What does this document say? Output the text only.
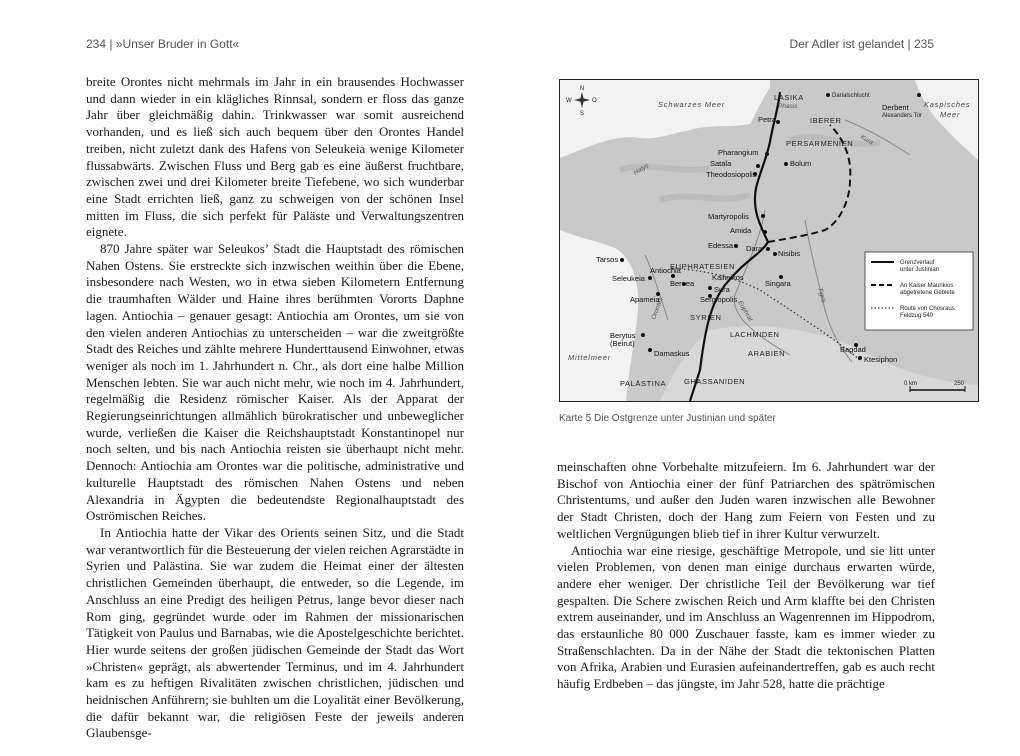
234 | »Unser Bruder in Gott«

breite Orontes nicht mehrmals im Jahr in ein brausendes Hochwasser und dann wieder in ein klägliches Rinnsal, sondern er floss das ganze Jahr über gleichmäßig dahin. Trinkwasser war somit ausreichend vorhanden, und es ließ sich auch bequem über den Orontes Handel treiben, nicht zuletzt dank des Hafens von Seleukeia wenige Kilometer flussabwärts. Zwischen Fluss und Berg gab es eine äußerst fruchtbare, zwischen zwei und drei Kilometer breite Tiefebene, wo sich wunderbar eine Stadt errichten ließ, ganz zu schweigen von der schönen Insel mitten im Fluss, die sich perfekt für Paläste und Verwaltungszentren eignete.

870 Jahre später war Seleukos’ Stadt die Hauptstadt des römischen Nahen Ostens. Sie erstreckte sich inzwischen weithin über die Ebene, insbesondere nach Westen, wo in etwa sieben Kilometern Entfernung die traumhaften Wälder und Haine ihres berühmten Vororts Daphne lagen. Antiochia – genauer gesagt: Antiochia am Orontes, um sie von den vielen anderen Antiochias zu unterscheiden – war die zweitgrößte Stadt des Reiches und zählte mehrere Hunderttausend Einwohner, etwas weniger als noch im 1. Jahrhundert n. Chr., als dort eine halbe Million Menschen lebten. Sie war auch nicht mehr, wie noch im 4. Jahrhundert, regelmäßig die Residenz römischer Kaiser. Als der Apparat der Regierungseinrichtungen allmählich bürokratischer und unbeweglicher wurde, verließen die Kaiser die Reichshauptstadt Konstantinopel nur noch selten, und bis nach Antiochia reisten sie überhaupt nicht mehr. Dennoch: Antiochia am Orontes war die politische, administrative und kulturelle Hauptstadt des römischen Nahen Ostens und neben Alexandria in Ägypten die bedeutendste Regionalhauptstadt des Oströmischen Reiches.

In Antiochia hatte der Vikar des Orients seinen Sitz, und die Stadt war verantwortlich für die Besteuerung der vielen reichen Agrarstädte in Syrien und Palästina. Sie war zudem die Heimat einer der ältesten christlichen Gemeinden überhaupt, die entweder, so die Legende, im Anschluss an eine Predigt des heiligen Petrus, lange bevor dieser nach Rom ging, gegründet wurde oder im Rahmen der missionarischen Tätigkeit von Paulus und Barnabas, wie die Apostelgeschichte berichtet. Hier wurde seitens der großen jüdischen Gemeinde der Stadt das Wort »Christen« geprägt, als abwertender Terminus, und im 4. Jahrhundert kam es zu heftigen Rivalitäten zwischen christlichen, jüdischen und heidnischen Anführern; sie buhlten um die Loyalität einer Bevölkerung, die dafür bekannt war, die religiösen Feste der jeweils anderen Glaubensge-

Der Adler ist gelandet | 235
N
S
W	O	Schwarzes Meer	Kaspisches
Meer
Mittelmeer
LASIKA
IBERER
PERSARMENIEN
EUPHRATESIEN
SYRIEN
LACHMIDEN
ARABIEN
PALÄSTINA GHASSANIDEN
Phasis
Kura
Halys
Orontes	Euphrat
Tigris
Darialschlucht
Derbent
Alexanders Tor
Petra
Pharangium
Satala	Bolum
Theodosiopolis
Martyropolis
Amida
Edessa Dara
Nisibis
Tarsos
Seleukeia
Antiochia
Kallinikos
Beroea
Sura
Sergiopolis
Apameia
Singara
Berytus
(Beirut)
Damaskus	Bagdad
Ktesiphon
Grenzverlauf
unter Justinian
An Kaiser Maurikios
abgetretene Gebiete
Route von Chosraus
Feldzug 540
0 km	250
Karte 5 Die Ostgrenze unter Justinian und später

meinschaften ohne Vorbehalte mitzufeiern. Im 6. Jahrhundert war der Bischof von Antiochia einer der fünf Patriarchen des spätrömischen Christentums, und außer den Juden waren inzwischen alle Bewohner der Stadt Christen, doch der Hang zum Feiern von Festen und zu weltlichen Vergnügungen blieb tief in ihrer Kultur verwurzelt.

Antiochia war eine riesige, geschäftige Metropole, und sie litt unter vielen Problemen, von denen man einige durchaus erwarten würde, andere eher weniger. Der christliche Teil der Bevölkerung war tief gespalten. Die Schere zwischen Reich und Arm klaffte bei den Christen extrem auseinander, und im Anschluss an Wagenrennen im Hippodrom, das erstaunliche 80 000 Zuschauer fasste, kam es immer wieder zu Straßenschlachten. Da in der Nähe der Stadt die tektonischen Platten von Afrika, Arabien und Eurasien aufeinandertreffen, gab es auch recht häufig Erdbeben – das jüngste, im Jahr 528, hatte die prächtige
